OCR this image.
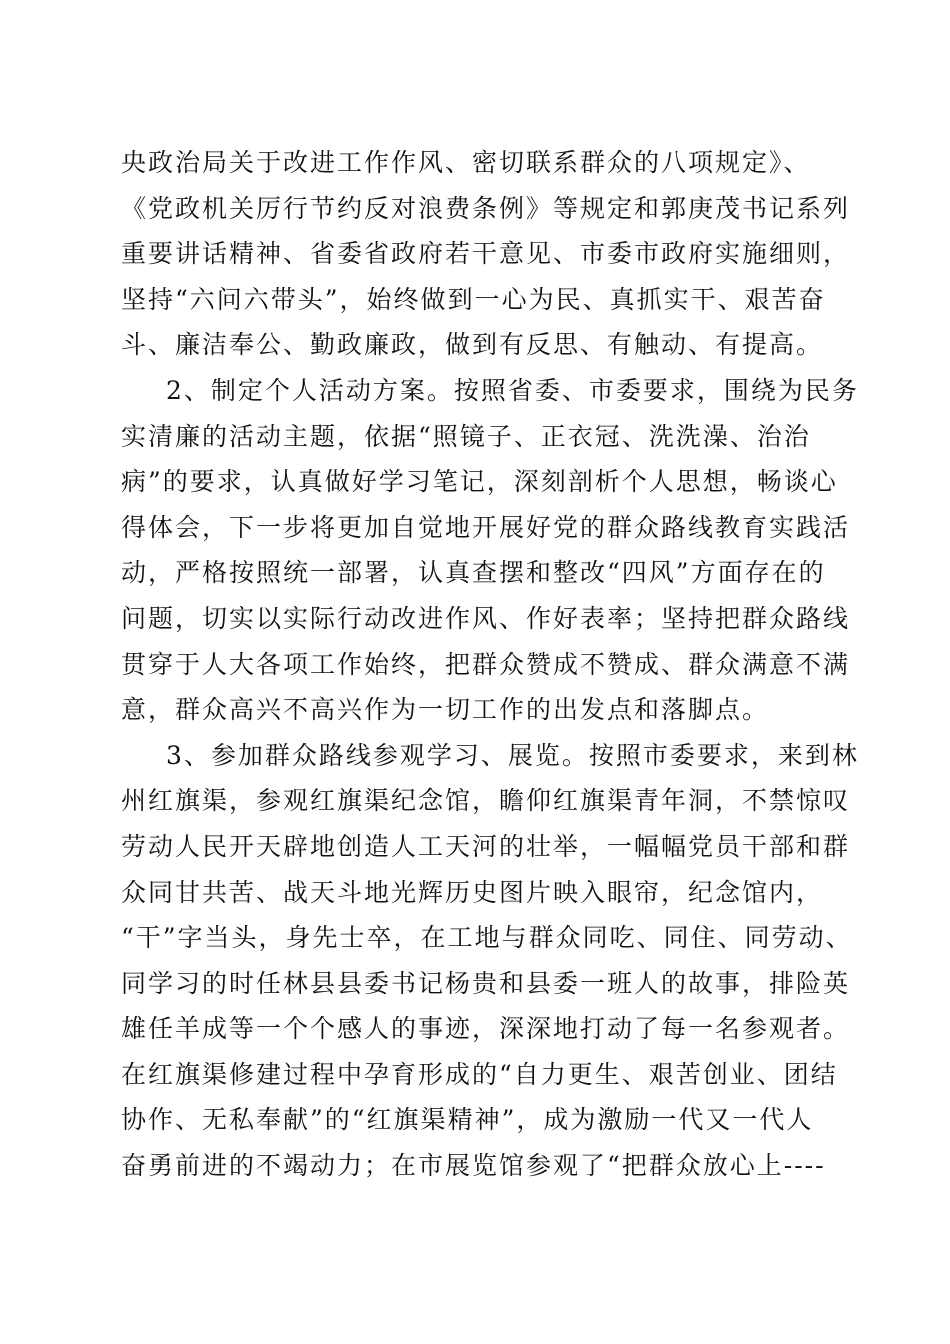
央政治局关于改进工作作风、密切联系群众的八项规定》、
《党政机关厉行节约反对浪费条例》等规定和郭庚茂书记系列
重要讲话精神、省委省政府若干意见、市委市政府实施细则，
坚持“六问六带头”，始终做到一心为民、真抓实干、艰苦奋
斗、廉洁奉公、勤政廉政，做到有反思、有触动、有提高。
2、制定个人活动方案。按照省委、市委要求，围绕为民务
实清廉的活动主题，依据“照镜子、正衣冠、洗洗澡、治治
病”的要求，认真做好学习笔记，深刻剖析个人思想，畅谈心
得体会，下一步将更加自觉地开展好党的群众路线教育实践活
动，严格按照统一部署，认真查摆和整改“四风”方面存在的
问题，切实以实际行动改进作风、作好表率；坚持把群众路线
贯穿于人大各项工作始终，把群众赞成不赞成、群众满意不满
意，群众高兴不高兴作为一切工作的出发点和落脚点。
3、参加群众路线参观学习、展览。按照市委要求，来到林
州红旗渠，参观红旗渠纪念馆，瞻仰红旗渠青年洞，不禁惊叹
劳动人民开天辟地创造人工天河的壮举，一幅幅党员干部和群
众同甘共苦、战天斗地光辉历史图片映入眼帘，纪念馆内，
“干”字当头，身先士卒，在工地与群众同吃、同住、同劳动、
同学习的时任林县县委书记杨贵和县委一班人的故事，排险英
雄任羊成等一个个感人的事迹，深深地打动了每一名参观者。
在红旗渠修建过程中孕育形成的“自力更生、艰苦创业、团结
协作、无私奉献”的“红旗渠精神”，成为激励一代又一代人
奋勇前进的不竭动力；在市展览馆参观了“把群众放心上----
